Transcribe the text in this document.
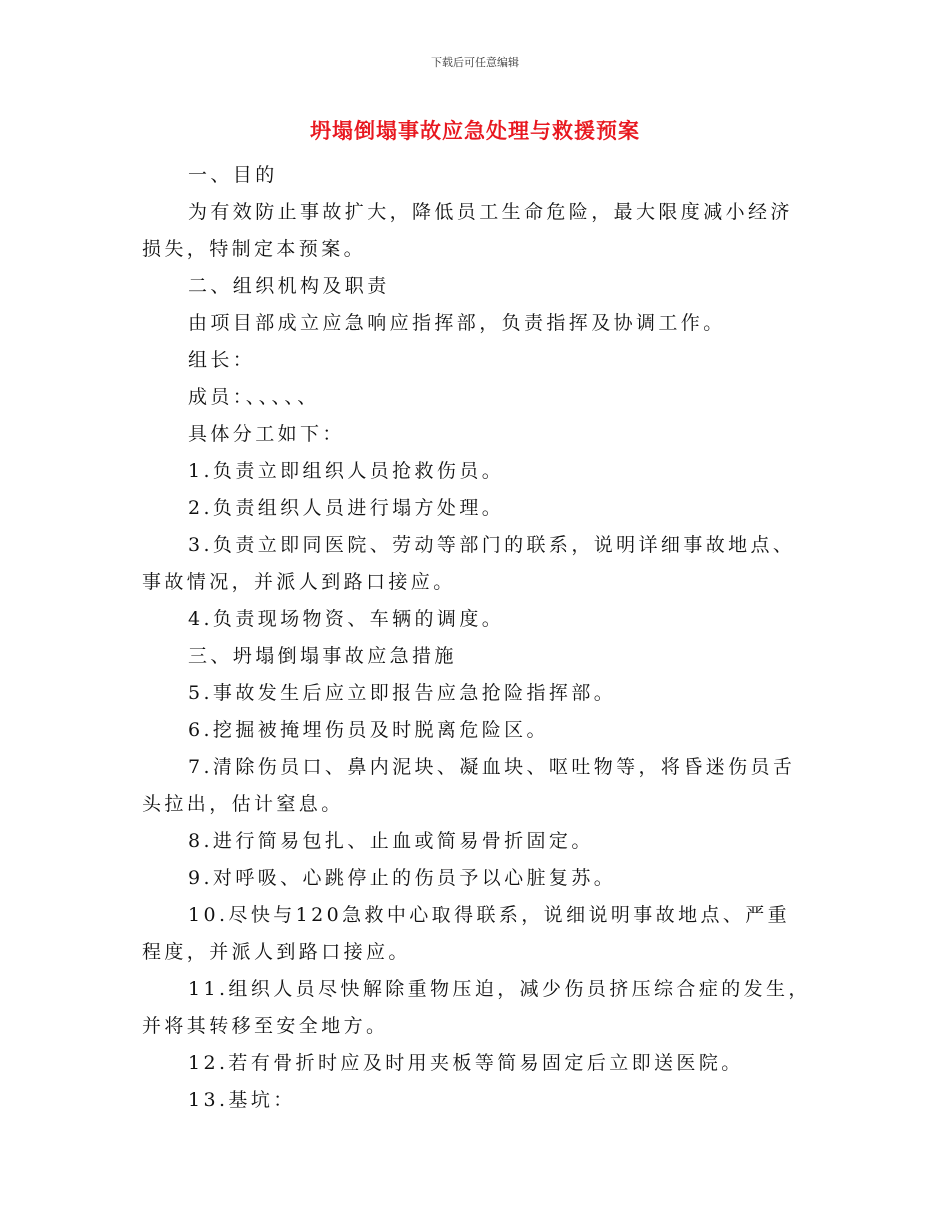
下载后可任意编辑
坍塌倒塌事故应急处理与救援预案

一、目的

为有效防止事故扩大，降低员工生命危险，最大限度减小经济损失，特制定本预案。

二、组织机构及职责

由项目部成立应急响应指挥部，负责指挥及协调工作。

组长：

成员：、、、、、

具体分工如下：

1.负责立即组织人员抢救伤员。

2.负责组织人员进行塌方处理。

3.负责立即同医院、劳动等部门的联系，说明详细事故地点、事故情况，并派人到路口接应。

4.负责现场物资、车辆的调度。

三、坍塌倒塌事故应急措施

5.事故发生后应立即报告应急抢险指挥部。

6.挖掘被掩埋伤员及时脱离危险区。

7.清除伤员口、鼻内泥块、凝血块、呕吐物等，将昏迷伤员舌头拉出，估计窒息。

8.进行简易包扎、止血或简易骨折固定。

9.对呼吸、心跳停止的伤员予以心脏复苏。

10.尽快与120急救中心取得联系，说细说明事故地点、严重程度，并派人到路口接应。

11.组织人员尽快解除重物压迫，减少伤员挤压综合症的发生，并将其转移至安全地方。

12.若有骨折时应及时用夹板等简易固定后立即送医院。

13.基坑：
